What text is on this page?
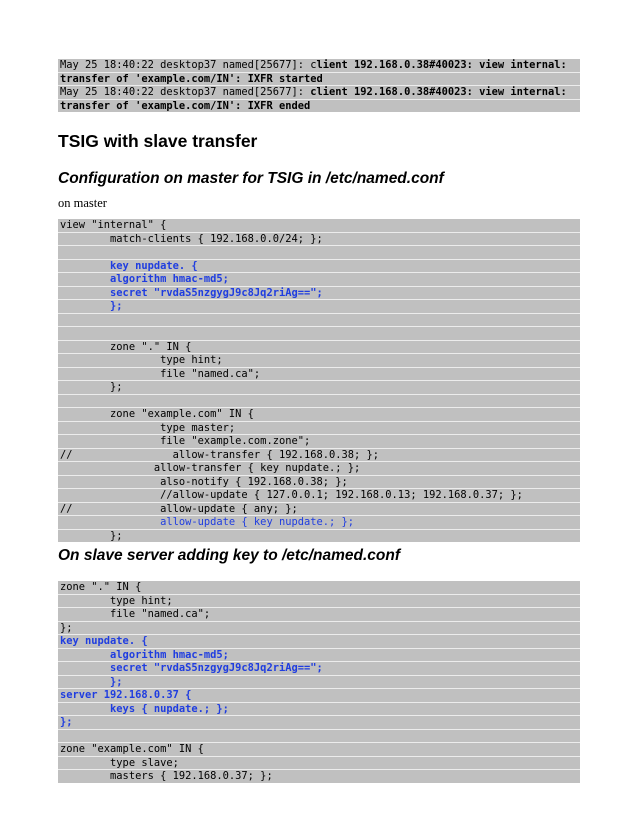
May 25 18:40:22 desktop37 named[25677]: client 192.168.0.38#40023: view internal:
transfer of 'example.com/IN': IXFR started
May 25 18:40:22 desktop37 named[25677]: client 192.168.0.38#40023: view internal:
transfer of 'example.com/IN': IXFR ended
TSIG with slave transfer
Configuration on master for TSIG in /etc/named.conf
on master
view "internal" {
match-clients { 192.168.0.0/24; };
key nupdate. {
algorithm hmac-md5;
secret "rvdaS5nzgygJ9c8Jq2riAg==";
};
zone "." IN {
type hint;
file "named.ca";
};
zone "example.com" IN {
type master;
file "example.com.zone";
//                allow-transfer { 192.168.0.38; };
allow-transfer { key nupdate.; };
also-notify { 192.168.0.38; };
//allow-update { 127.0.0.1; 192.168.0.13; 192.168.0.37; };
//              allow-update { any; };
allow-update { key nupdate.; };
};
On slave server adding key to /etc/named.conf
zone "." IN {
type hint;
file "named.ca";
};
key nupdate. {
algorithm hmac-md5;
secret "rvdaS5nzgygJ9c8Jq2riAg==";
};
server 192.168.0.37 {
keys { nupdate.; };
};
zone "example.com" IN {
type slave;
masters { 192.168.0.37; };
